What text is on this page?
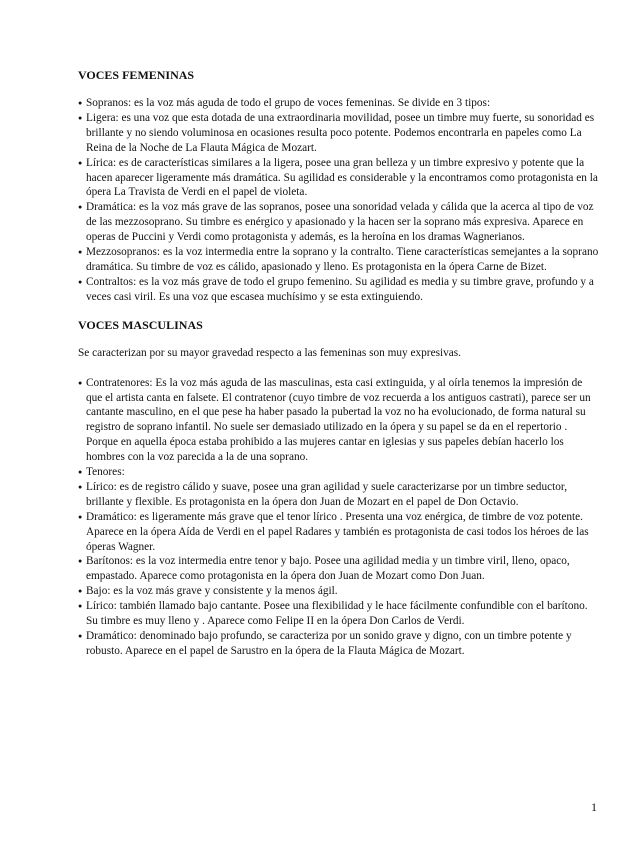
VOCES FEMENINAS
● Sopranos: es la voz más aguda de todo el grupo de voces femeninas. Se divide en 3 tipos:
● Ligera: es una voz que esta dotada de una extraordinaria movilidad, posee un timbre muy fuerte, su sonoridad es brillante y no siendo voluminosa en ocasiones resulta poco potente. Podemos encontrarla en papeles como La Reina de la Noche de La Flauta Mágica de Mozart.
● Lírica: es de características similares a la ligera, posee una gran belleza y un timbre expresivo y potente que la hacen aparecer ligeramente más dramática. Su agilidad es considerable y la encontramos como protagonista en la ópera La Travista de Verdi en el papel de violeta.
● Dramática: es la voz más grave de las sopranos, posee una sonoridad velada y cálida que la acerca al tipo de voz de las mezzosoprano. Su timbre es enérgico y apasionado y la hacen ser la soprano más expresiva. Aparece en operas de Puccini y Verdi como protagonista y además, es la heroína en los dramas Wagnerianos.
● Mezzosopranos: es la voz intermedia entre la soprano y la contralto. Tiene características semejantes a la soprano dramática. Su timbre de voz es cálido, apasionado y lleno. Es protagonista en la ópera Carne de Bizet.
● Contraltos: es la voz más grave de todo el grupo femenino. Su agilidad es media y su timbre grave, profundo y a veces casi viril. Es una voz que escasea muchísimo y se esta extinguiendo.
VOCES MASCULINAS

Se caracterizan por su mayor gravedad respecto a las femeninas son muy expresivas.

● Contratenores: Es la voz más aguda de las masculinas, esta casi extinguida, y al oírla tenemos la impresión de que el artista canta en falsete. El contratenor (cuyo timbre de voz recuerda a los antiguos castrati), parece ser un cantante masculino, en el que pese ha haber pasado la pubertad la voz no ha evolucionado, de forma natural su registro de soprano infantil. No suele ser demasiado utilizado en la ópera y su papel se da en el repertorio . Porque en aquella época estaba prohibido a las mujeres cantar en iglesias y sus papeles debían hacerlo los hombres con la voz parecida a la de una soprano.
● Tenores:
● Lírico: es de registro cálido y suave, posee una gran agilidad y suele caracterizarse por un timbre seductor, brillante y flexible. Es protagonista en la ópera don Juan de Mozart en el papel de Don Octavio.
● Dramático: es ligeramente más grave que el tenor lírico . Presenta una voz enérgica, de timbre de voz potente. Aparece en la ópera Aída de Verdi en el papel Radares y también es protagonista de casi todos los héroes de las óperas Wagner.
● Barítonos: es la voz intermedia entre tenor y bajo. Posee una agilidad media y un timbre viril, lleno, opaco, empastado. Aparece como protagonista en la ópera don Juan de Mozart como Don Juan.
● Bajo: es la voz más grave y consistente y la menos ágil.
● Lírico: también llamado bajo cantante. Posee una flexibilidad y le hace fácilmente confundible con el barítono. Su timbre es muy lleno y . Aparece como Felipe II en la ópera Don Carlos de Verdi.
● Dramático: denominado bajo profundo, se caracteriza por un sonido grave y digno, con un timbre potente y robusto. Aparece en el papel de Sarustro en la ópera de la Flauta Mágica de Mozart.
1
